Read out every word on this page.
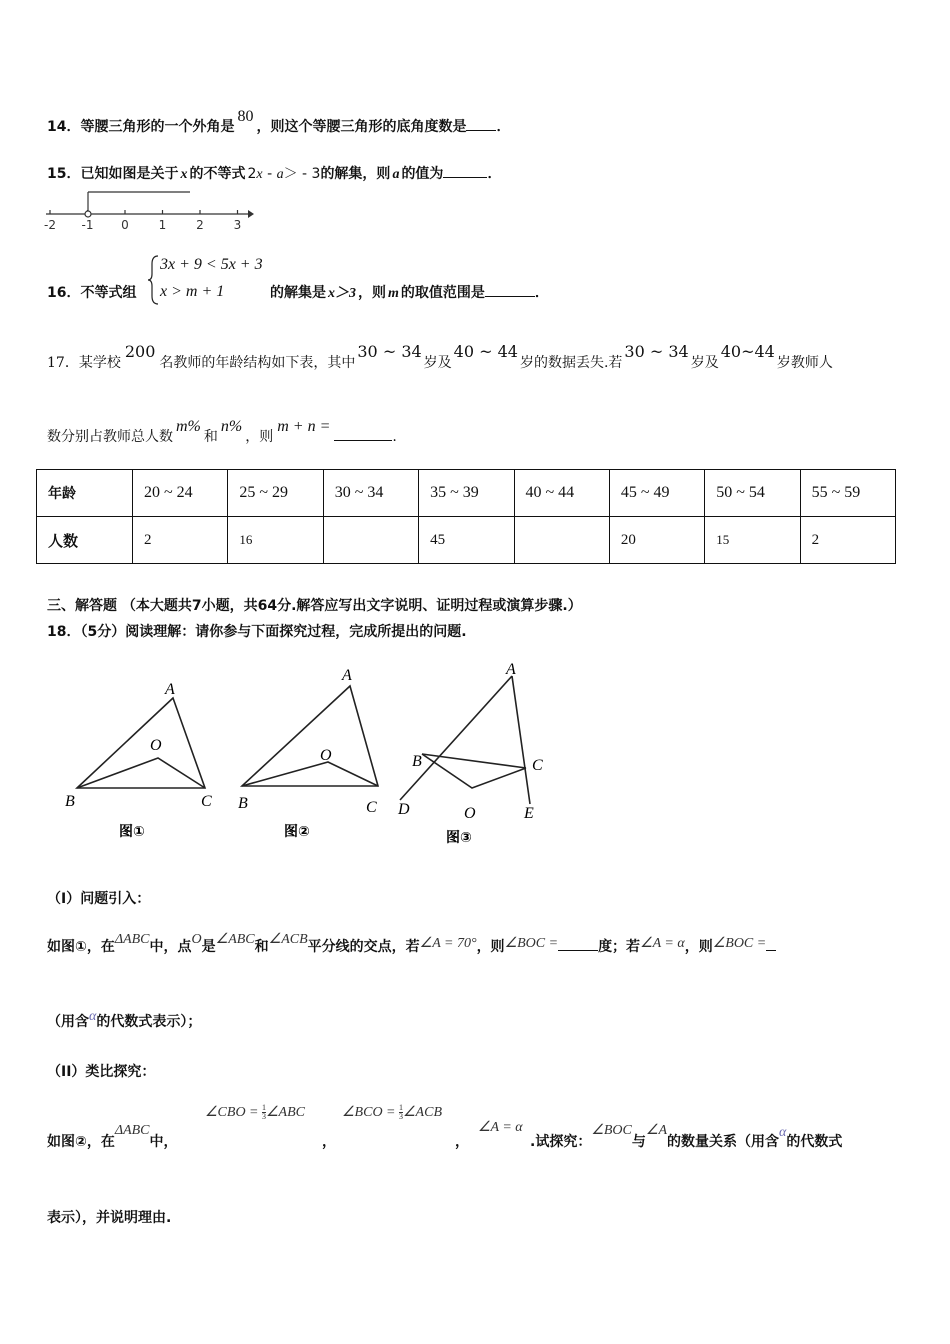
14．等腰三角形的一个外角是80，则这个等腰三角形的底角度数是 ．
15．已知如图是关于 x 的不等式 2x - a＞ - 3的解集，则 a 的值为	．
-2 -1 0 1 2 3
16．不等式组
3x + 9 < 5x + 3
x > m + 1	的解集是 x＞3 ，则 m 的取值范围是	．
17．某学校200名教师的年龄结构如下表，其中30 ~ 34岁及40 ~ 44岁的数据丢失.若30 ~ 34岁及40~44岁教师人
数分别占教师总人数m%和n%，则m + n =.
年龄	20 ~ 24	25 ~ 29	30 ~ 34	35 ~ 39	40 ~ 44	45 ~ 49	50 ~ 54	55 ~ 59
人数	2	16		45		20	15	2
三、解答题 （本大题共7小题，共64分.解答应写出文字说明、证明过程或演算步骤.）
18．（5分）阅读理解：请你参与下面探究过程，完成所提出的问题.
A
O
B	C
图①
A
O
B	C
图②
A
B	C
O
D	E
图③
（I）问题引入：
如图①，在ΔABC中，点O是∠ABC和∠ACB平分线的交点，若∠A = 70°，则∠BOC =	度；若∠A = α，则∠BOC =
（用含α的代数式表示）；
（II）类比探究：
如图②，在ΔABC中，
∠CBO = $\frac{1}{3}$ ∠ABC
，
∠BCO = $\frac{1}{3}$ ∠ACB
，
∠A = α
.试探究：∠BOC与∠A的数量关系（用含α的代数式
表示），并说明理由.
